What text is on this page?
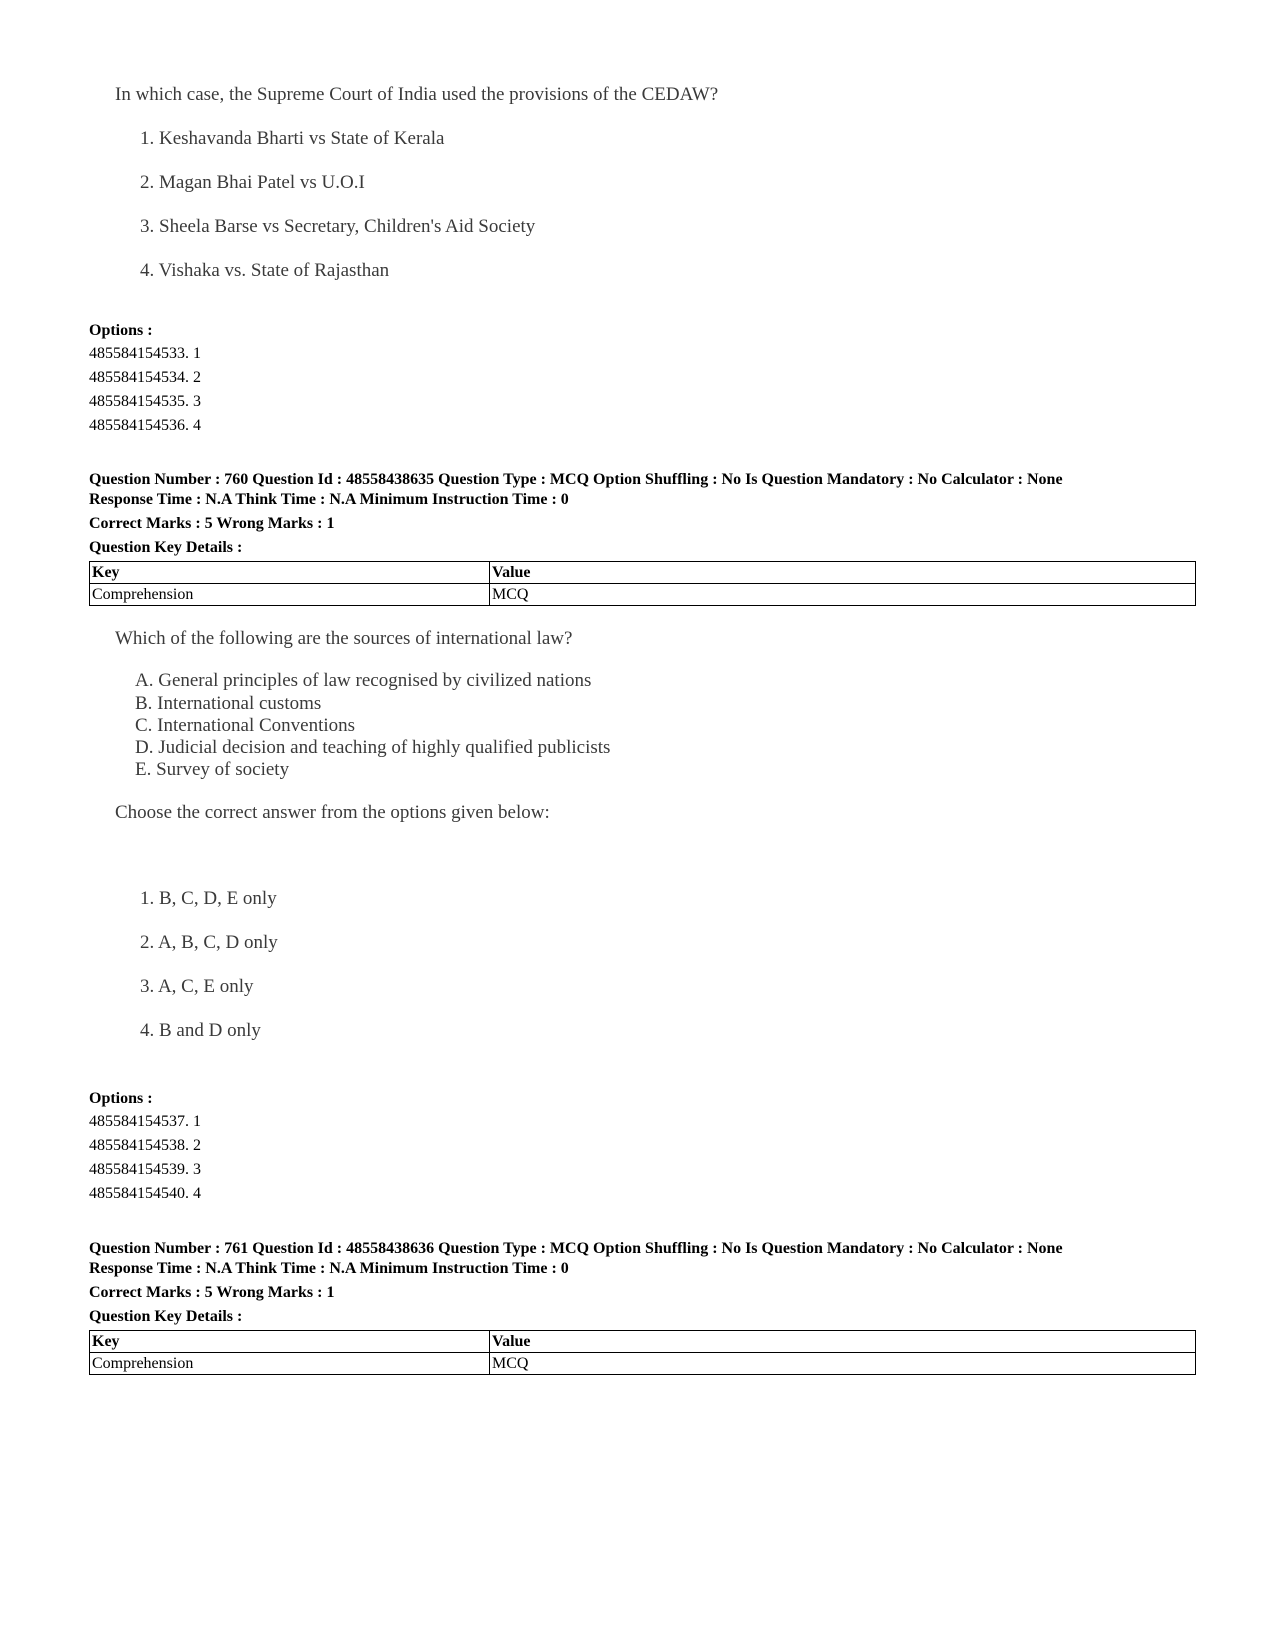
In which case, the Supreme Court of India used the provisions of the CEDAW?
1. Keshavanda Bharti vs State of Kerala
2. Magan Bhai Patel vs U.O.I
3. Sheela Barse vs Secretary, Children's Aid Society
4. Vishaka vs. State of Rajasthan
Options :
485584154533. 1
485584154534. 2
485584154535. 3
485584154536. 4
Question Number : 760 Question Id : 48558438635 Question Type : MCQ Option Shuffling : No Is Question Mandatory : No Calculator : None
Response Time : N.A Think Time : N.A Minimum Instruction Time : 0
Correct Marks : 5 Wrong Marks : 1
Question Key Details :
Key	Value
Comprehension	MCQ
Which of the following are the sources of international law?
A. General principles of law recognised by civilized nations
B. International customs
C. International Conventions
D. Judicial decision and teaching of highly qualified publicists
E. Survey of society
Choose the correct answer from the options given below:
1. B, C, D, E only
2. A, B, C, D only
3. A, C, E only
4. B and D only
Options :
485584154537. 1
485584154538. 2
485584154539. 3
485584154540. 4
Question Number : 761 Question Id : 48558438636 Question Type : MCQ Option Shuffling : No Is Question Mandatory : No Calculator : None
Response Time : N.A Think Time : N.A Minimum Instruction Time : 0
Correct Marks : 5 Wrong Marks : 1
Question Key Details :
Key	Value
Comprehension	MCQ
